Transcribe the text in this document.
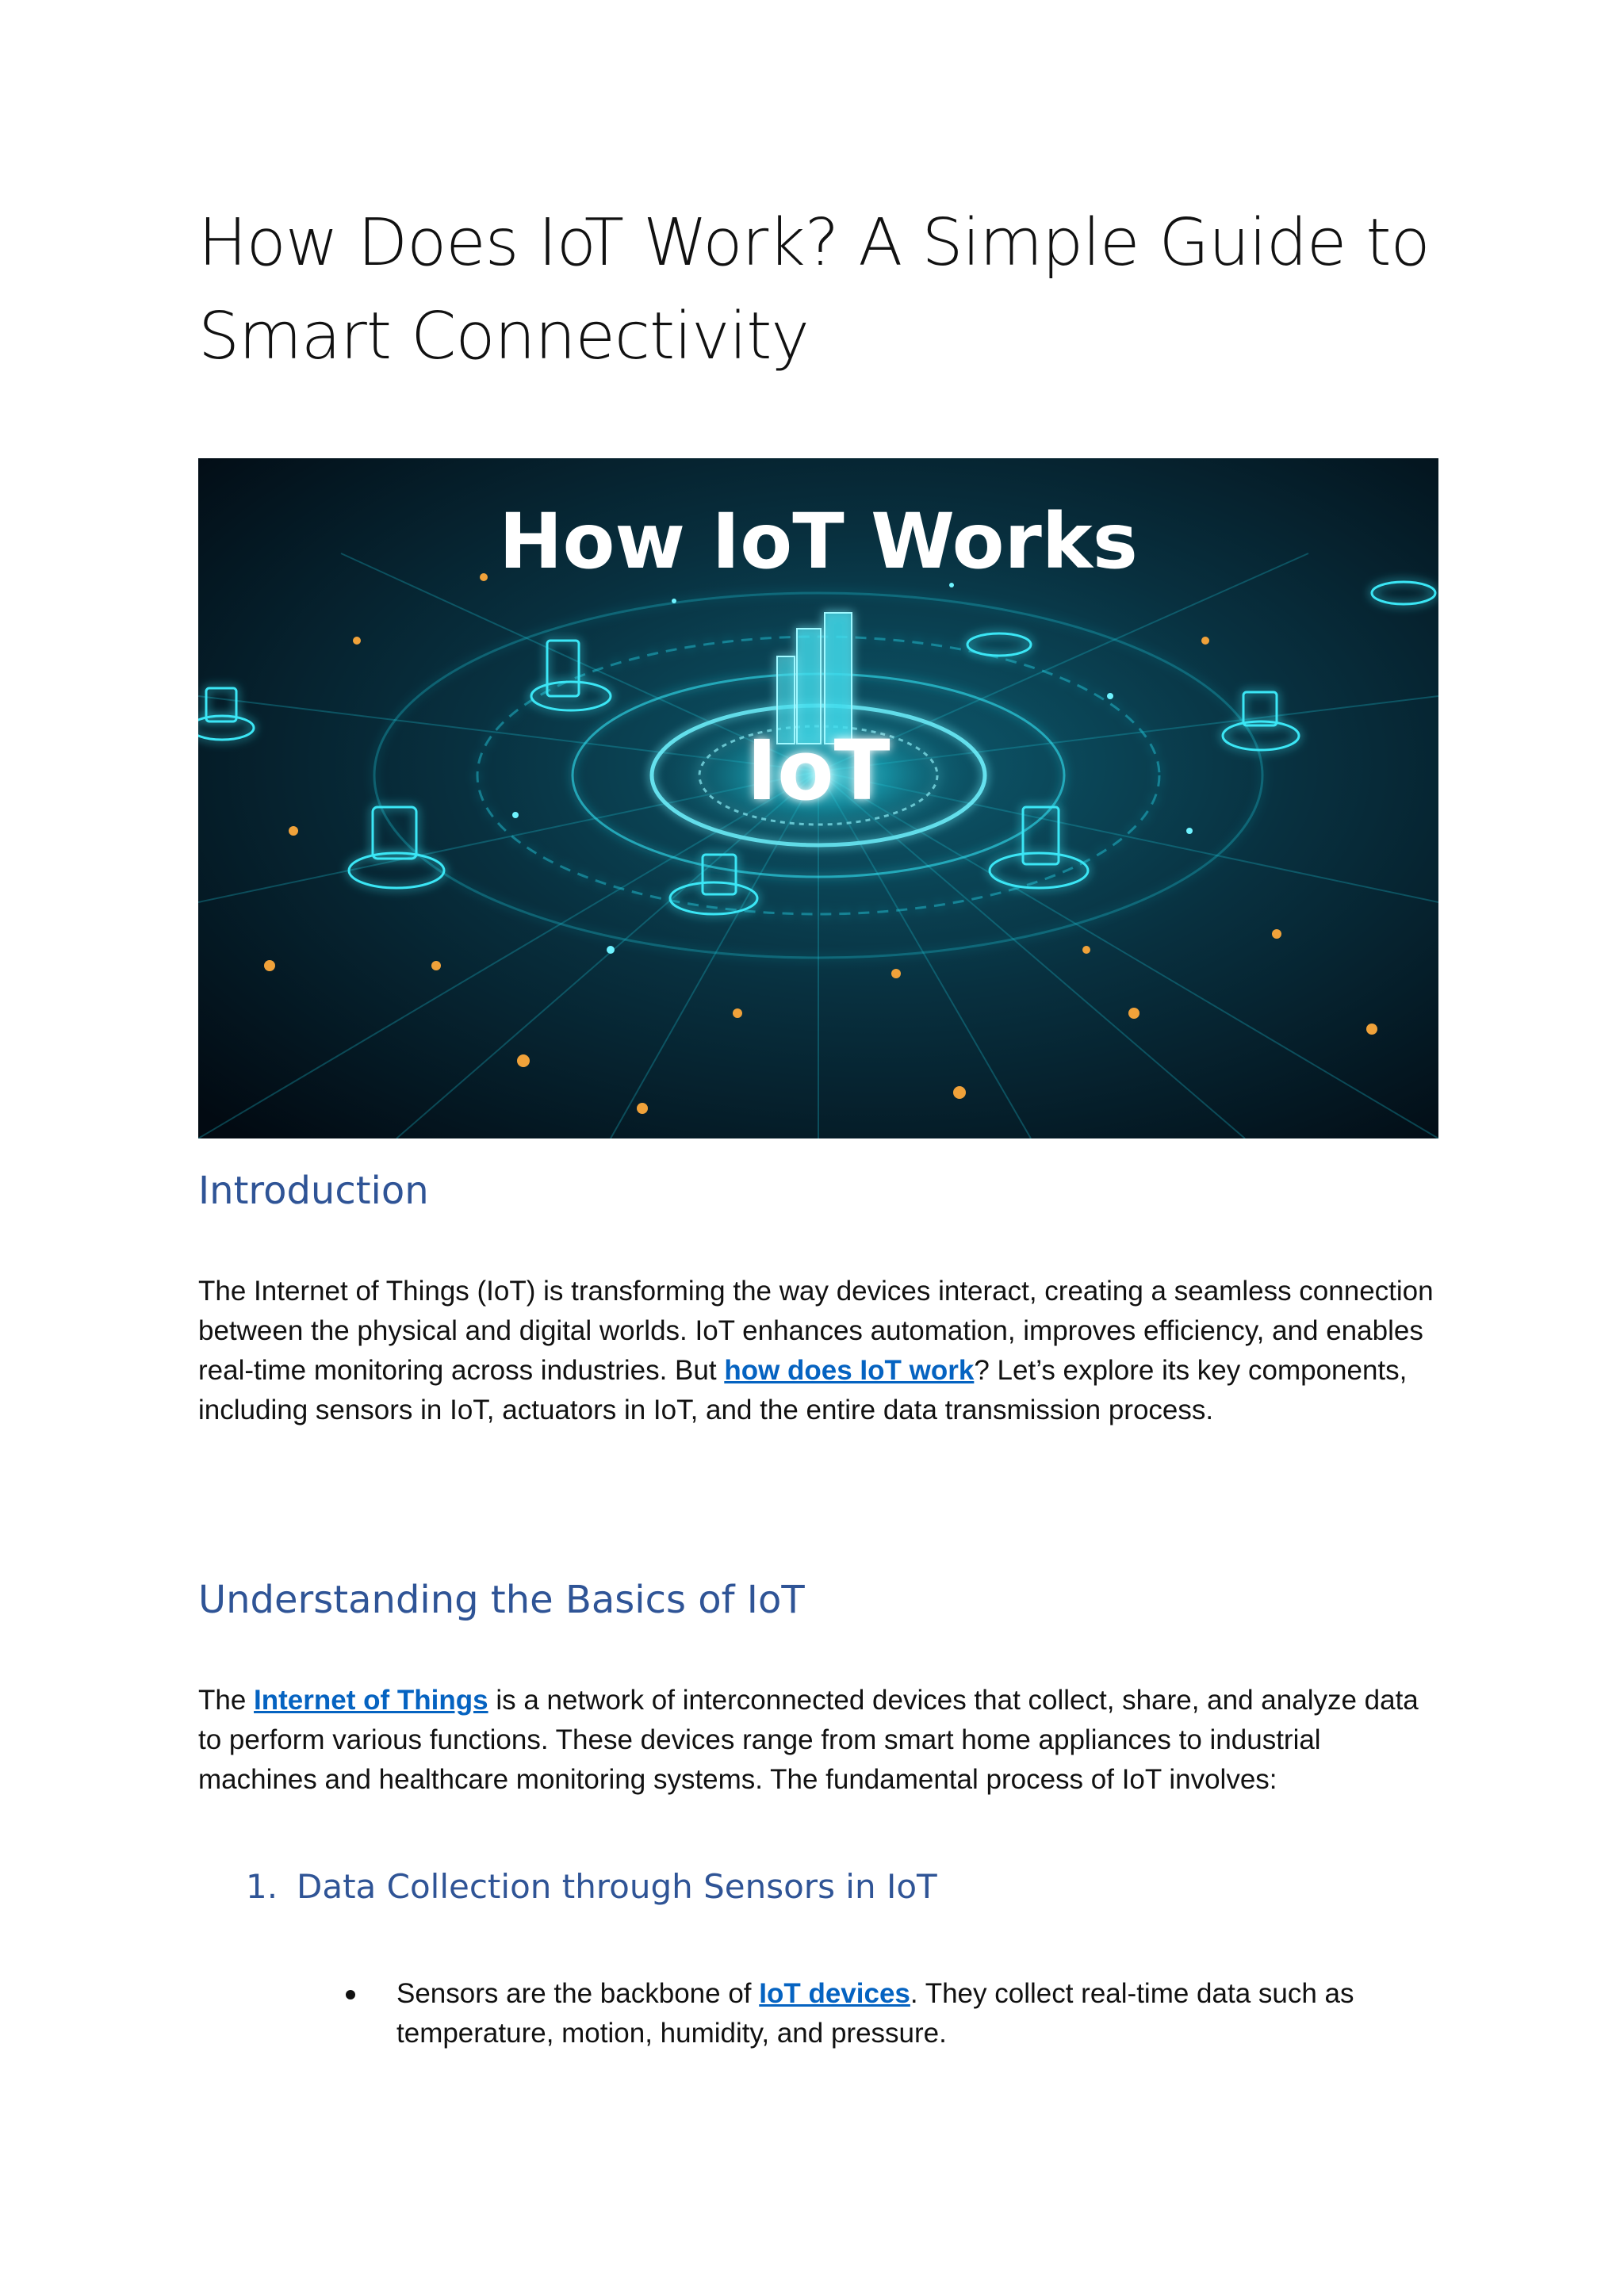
How Does IoT Work? A Simple Guide to Smart Connectivity
How IoT Works
IoT
Introduction

The Internet of Things (IoT) is transforming the way devices interact, creating a seamless connection between the physical and digital worlds. IoT enhances automation, improves efficiency, and enables real-time monitoring across industries. But how does IoT work? Let’s explore its key components, including sensors in IoT, actuators in IoT, and the entire data transmission process.

Understanding the Basics of IoT

The Internet of Things is a network of interconnected devices that collect, share, and analyze data to perform various functions. These devices range from smart home appliances to industrial machines and healthcare monitoring systems. The fundamental process of IoT involves:

1. Data Collection through Sensors in IoT
Sensors are the backbone of IoT devices. They collect real-time data such as temperature, motion, humidity, and pressure.
